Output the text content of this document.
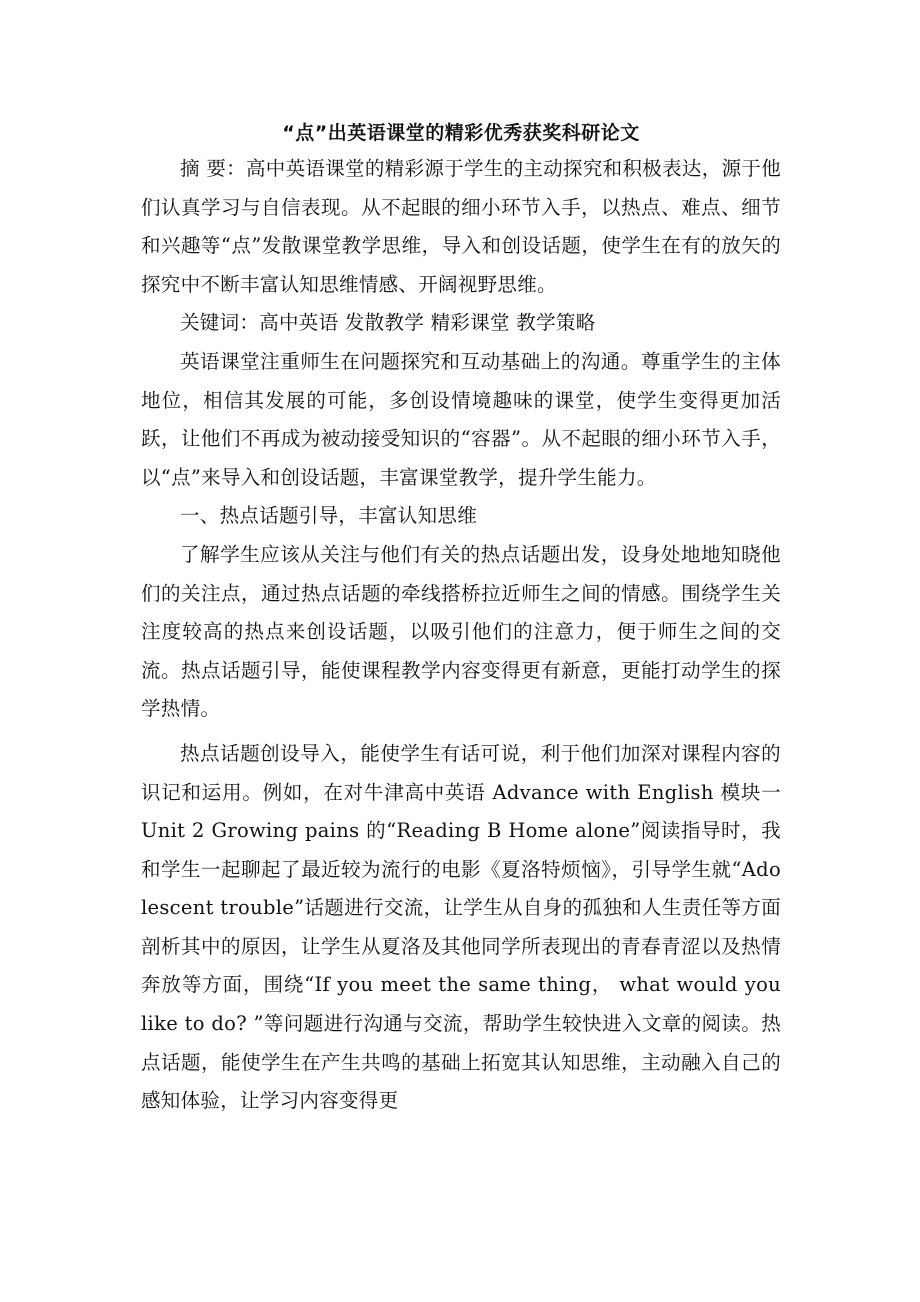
“点”出英语课堂的精彩优秀获奖科研论文

摘 要：高中英语课堂的精彩源于学生的主动探究和积极表达，源于他们认真学习与自信表现。从不起眼的细小环节入手，以热点、难点、细节和兴趣等“点”发散课堂教学思维，导入和创设话题，使学生在有的放矢的探究中不断丰富认知思维情感、开阔视野思维。

关键词：高中英语 发散教学 精彩课堂 教学策略

英语课堂注重师生在问题探究和互动基础上的沟通。尊重学生的主体地位，相信其发展的可能，多创设情境趣味的课堂，使学生变得更加活跃，让他们不再成为被动接受知识的“容器”。从不起眼的细小环节入手，以“点”来导入和创设话题，丰富课堂教学，提升学生能力。

一、热点话题引导，丰富认知思维

了解学生应该从关注与他们有关的热点话题出发，设身处地地知晓他们的关注点，通过热点话题的牵线搭桥拉近师生之间的情感。围绕学生关注度较高的热点来创设话题，以吸引他们的注意力，便于师生之间的交流。热点话题引导，能使课程教学内容变得更有新意，更能打动学生的探学热情。

热点话题创设导入，能使学生有话可说，利于他们加深对课程内容的识记和运用。例如，在对牛津高中英语 Advance with English 模块一 Unit 2 Growing pains 的“Reading B Home alone”阅读指导时，我和学生一起聊起了最近较为流行的电影《夏洛特烦恼》，引导学生就“Adolescent trouble”话题进行交流，让学生从自身的孤独和人生责任等方面剖析其中的原因，让学生从夏洛及其他同学所表现出的青春青涩以及热情奔放等方面，围绕“If you meet the same thing， what would you like to do? ”等问题进行沟通与交流，帮助学生较快进入文章的阅读。热点话题，能使学生在产生共鸣的基础上拓宽其认知思维，主动融入自己的感知体验，让学习内容变得更
